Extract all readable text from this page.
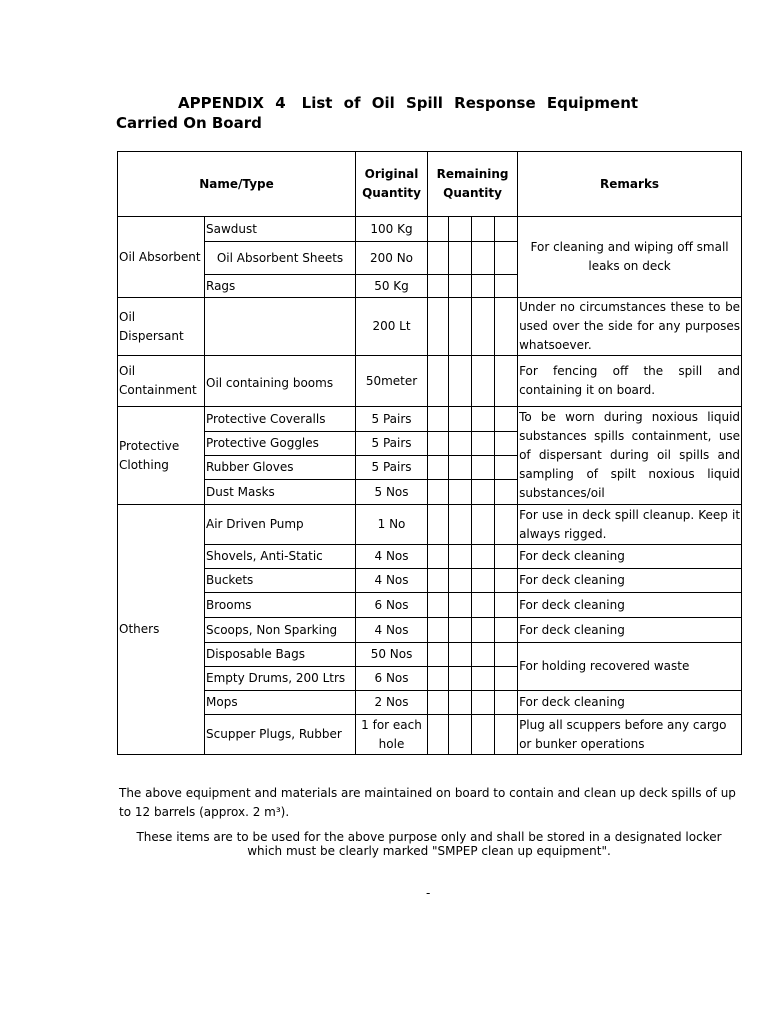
APPENDIX 4 List of Oil Spill Response Equipment
Carried On Board
Name/Type		Original Quantity	Remaining Quantity				Remarks
Oil Absorbent	Sawdust	100 Kg					For cleaning and wiping off small leaks on deck
	Oil Absorbent Sheets	200 No					
	Rags	50 Kg					
Oil Dispersant		200 Lt					Under no circumstances these to be used over the side for any purposes whatsoever.
Oil Containment	Oil containing booms	50meter					For fencing off the spill and containing it on board.
Protective Clothing	Protective Coveralls	5 Pairs					To be worn during noxious liquid substances spills containment, use of dispersant during oil spills and sampling of spilt noxious liquid substances/oil
	Protective Goggles	5 Pairs					
	Rubber Gloves	5 Pairs					
	Dust Masks	5 Nos					
Others	Air Driven Pump	1 No					For use in deck spill cleanup. Keep it always rigged.
	Shovels, Anti-Static	4 Nos					For deck cleaning
	Buckets	4 Nos					For deck cleaning
	Brooms	6 Nos					For deck cleaning
	Scoops, Non Sparking	4 Nos					For deck cleaning
	Disposable Bags	50 Nos					For holding recovered waste
	Empty Drums, 200 Ltrs	6 Nos					
	Mops	2 Nos					For deck cleaning
	Scupper Plugs, Rubber	1 for each hole					Plug all scuppers before any cargo or bunker operations
The above equipment and materials are maintained on board to contain and clean up deck spills of up to 12 barrels (approx. 2 m³).
These items are to be used for the above purpose only and shall be stored in a designated locker which must be clearly marked "SMPEP clean up equipment".
-
